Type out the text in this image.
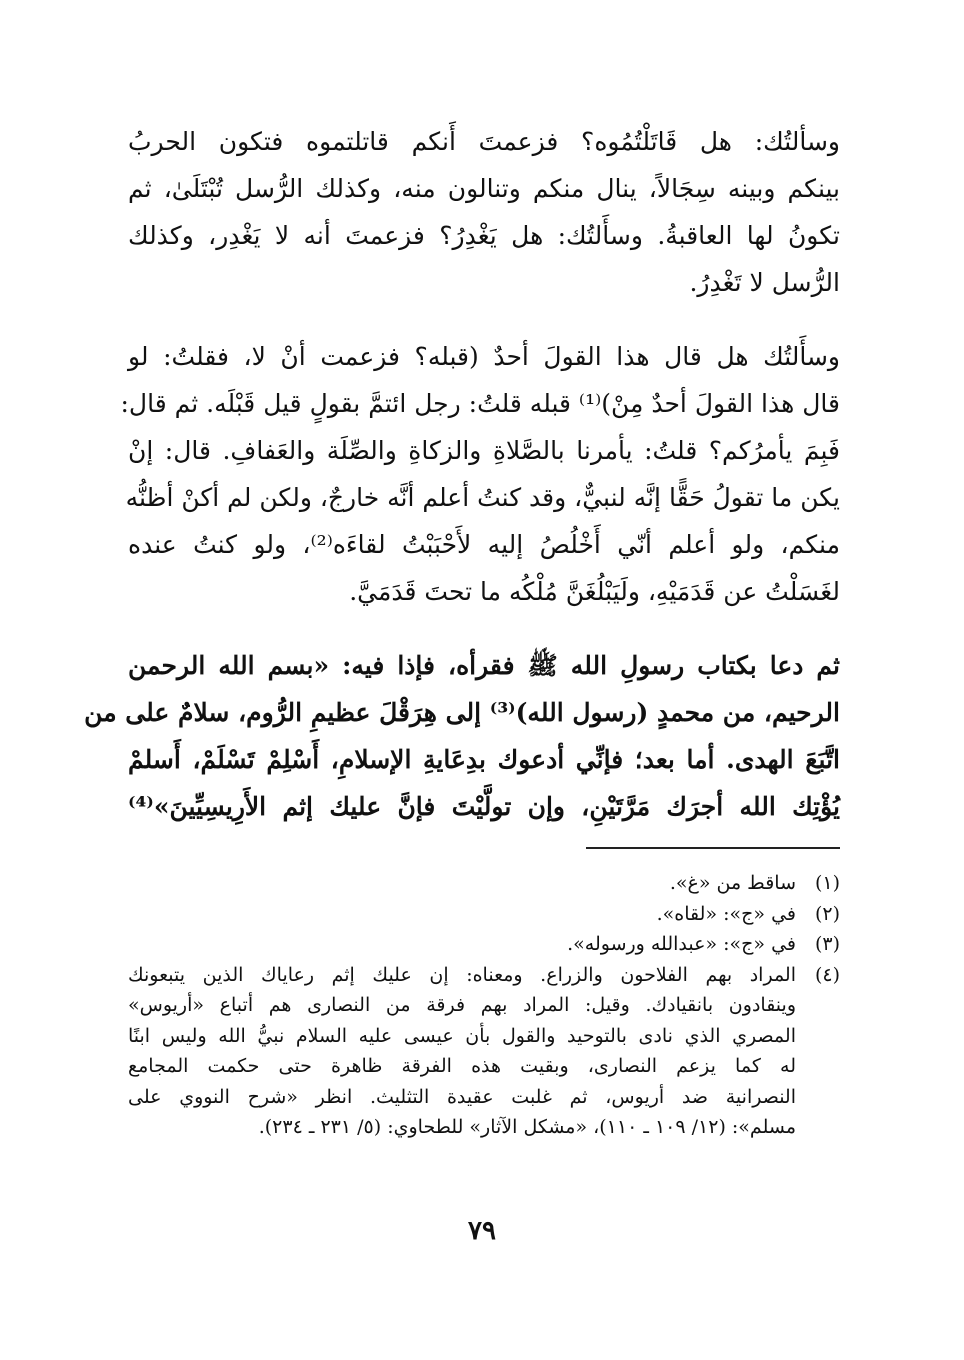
وسألتُك: هل قَاتَلْتُمُوه؟ فزعمتَ أَنكم قاتلتموه فتكون الحربُ
بينكم وبينه سِجَالاً، ينال منكم وتنالون منه، وكذلك الرُّسل تُبْتَلَىٰ، ثم
تكونُ لها العاقبةُ. وسأَلتُك: هل يَغْدِرُ؟ فزعمتَ أنه لا يَغْدِر، وكذلك
الرُّسل لا تَغْدِرُ.

وسأَلتُك هل قال هذا القولَ أحدٌ (قبله؟ فزعمت أنْ لا، فقلتُ: لو
قال هذا القولَ أحدٌ مِنْ)⁽¹⁾ قبله قلتُ: رجل ائتمَّ بقولٍ قيل قَبْلَه. ثم قال:
فَبِمَ يأمرُكم؟ قلتُ: يأمرنا بالصَّلاةِ والزكاةِ والصِّلَة والعَفافِ. قال: إنْ
يكن ما تقولُ حَقًّا إنَّه لنبيٌّ، وقد كنتُ أعلم أنَّه خارجٌ، ولكن لم أكنْ أظنُّه
منكم، ولو أعلم أنّي أَخْلُصُ إليه لأَحْبَبْتُ لقاءَه⁽²⁾، ولو كنتُ عنده
لغَسَلْتُ عن قَدَمَيْهِ، ولَيَبْلُغَنَّ مُلْكُه ما تحتَ قَدَمَيَّ.

ثم دعا بكتاب رسولِ الله ﷺ فقرأه، فإذا فيه: «بسم الله الرحمن
الرحيم، من محمدٍ (رسول الله)⁽³⁾ إلى هِرَقْلَ عظيمِ الرُّوم، سلامٌ على من
اتَّبَعَ الهدى. أما بعد؛ فإنِّي أدعوك بدِعَايةِ الإسلامِ، أَسْلِمْ تَسْلَمْ، أَسلمْ
يُؤْتِك الله أجرَك مَرَّتَيْنِ، وإن تولَّيْتَ فإنَّ عليك إثم الأَرِيسِيِّينَ»⁽⁴⁾

(١)
ساقط من «غ».
(٢)
في «ج»: «لقاه».
(٣)
في «ج»: «عبدالله ورسوله».
(٤)
المراد بهم الفلاحون والزراع. ومعناه: إن عليك إثم رعاياك الذين يتبعونك
وينقادون بانقيادك. وقيل: المراد بهم فرقة من النصارى هم أتباع «أريوس»
المصري الذي نادى بالتوحيد والقول بأن عيسى عليه السلام نبيُّ الله وليس ابنًا
له كما يزعم النصارى، وبقيت هذه الفرقة ظاهرة حتى حكمت المجامع
النصرانية ضد أريوس، ثم غلبت عقيدة التثليث. انظر «شرح النووي على
مسلم»: (١٢/ ١٠٩ ـ ١١٠)، «مشكل الآثار» للطحاوي: (٥/ ٢٣١ ـ ٢٣٤).
٧٩
